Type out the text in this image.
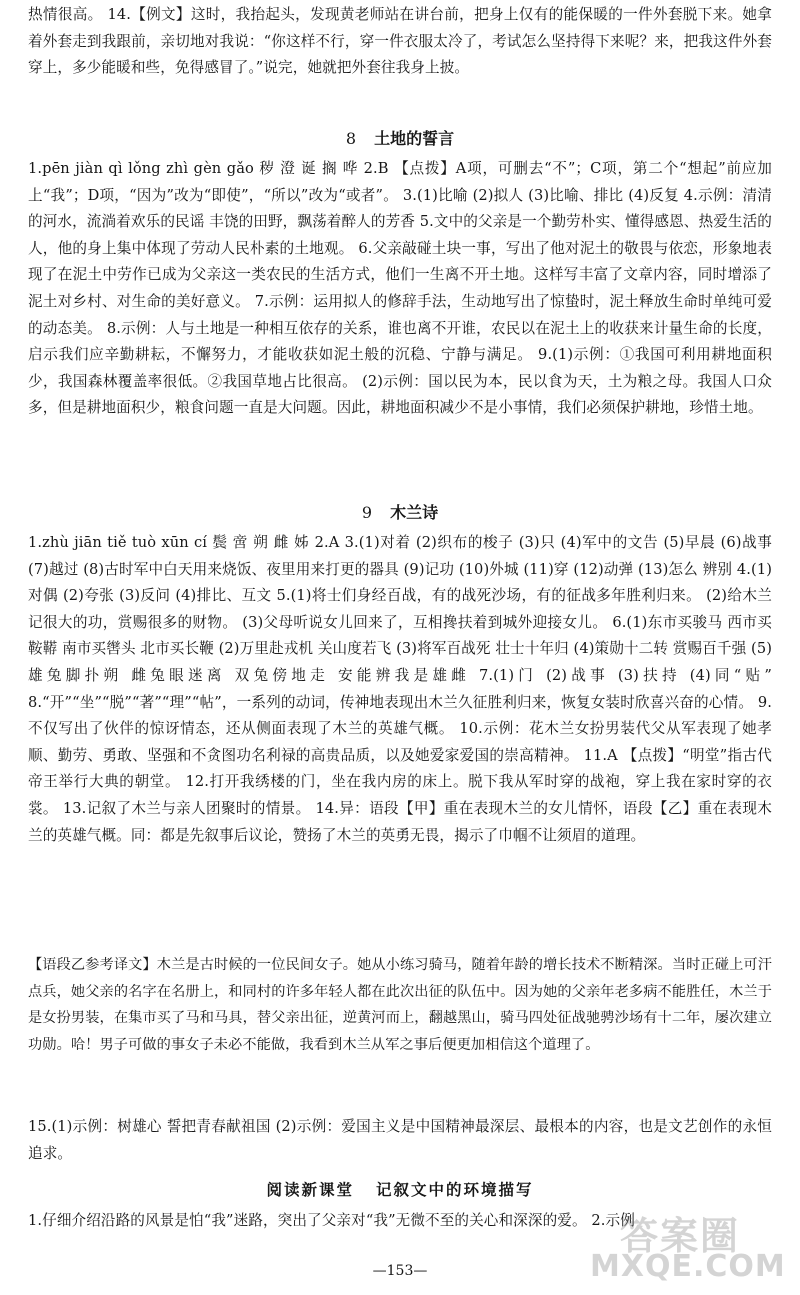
热情很高。 14.【例文】这时，我抬起头，发现黄老师站在讲台前，把身上仅有的能保暖的一件外套脱下来。她拿着外套走到我跟前，亲切地对我说：“你这样不行，穿一件衣服太冷了，考试怎么坚持得下来呢？来，把我这件外套穿上，多少能暖和些，免得感冒了。”说完，她就把外套往我身上披。

8 土地的誓言

1.pēn jiàn qì lǒng zhì gèn gǎo 秽 澄 诞 搁 哗 2.B 【点拨】A项，可删去“不”；C项，第二个“想起”前应加上“我”；D项，“因为”改为“即使”，“所以”改为“或者”。 3.(1)比喻 (2)拟人 (3)比喻、排比 (4)反复 4.示例：清清的河水，流淌着欢乐的民谣 丰饶的田野，飘荡着醉人的芳香 5.文中的父亲是一个勤劳朴实、懂得感恩、热爱生活的人，他的身上集中体现了劳动人民朴素的土地观。 6.父亲敲碰土块一事，写出了他对泥土的敬畏与依恋，形象地表现了在泥土中劳作已成为父亲这一类农民的生活方式，他们一生离不开土地。这样写丰富了文章内容，同时增添了泥土对乡村、对生命的美好意义。 7.示例：运用拟人的修辞手法，生动地写出了惊蛰时，泥土释放生命时单纯可爱的动态美。 8.示例：人与土地是一种相互依存的关系，谁也离不开谁，农民以在泥土上的收获来计量生命的长度，启示我们应辛勤耕耘，不懈努力，才能收获如泥土般的沉稳、宁静与满足。 9.(1)示例：①我国可利用耕地面积少，我国森林覆盖率很低。②我国草地占比很高。 (2)示例：国以民为本，民以食为天，土为粮之母。我国人口众多，但是耕地面积少，粮食问题一直是大问题。因此，耕地面积减少不是小事情，我们必须保护耕地，珍惜土地。

9 木兰诗

1.zhù jiān tiě tuò xūn cí 鬓 啻 朔 雌 姊 2.A 3.(1)对着 (2)织布的梭子 (3)只 (4)军中的文告 (5)早晨 (6)战事 (7)越过 (8)古时军中白天用来烧饭、夜里用来打更的器具 (9)记功 (10)外城 (11)穿 (12)动弹 (13)怎么 辨别 4.(1)对偶 (2)夸张 (3)反问 (4)排比、互文 5.(1)将士们身经百战，有的战死沙场，有的征战多年胜利归来。 (2)给木兰记很大的功，赏赐很多的财物。 (3)父母听说女儿回来了，互相搀扶着到城外迎接女儿。 6.(1)东市买骏马 西市买鞍鞯 南市买辔头 北市买长鞭 (2)万里赴戎机 关山度若飞 (3)将军百战死 壮士十年归 (4)策勋十二转 赏赐百千强 (5)雄兔脚扑朔 雌兔眼迷离 双兔傍地走 安能辨我是雄雌 7.(1)门 (2)战事 (3)扶持 (4)同“贴” 8.“开”“坐”“脱”“著”“理”“帖”，一系列的动词，传神地表现出木兰久征胜利归来，恢复女装时欣喜兴奋的心情。 9.不仅写出了伙伴的惊讶情态，还从侧面表现了木兰的英雄气概。 10.示例：花木兰女扮男装代父从军表现了她孝顺、勤劳、勇敢、坚强和不贪图功名利禄的高贵品质，以及她爱家爱国的崇高精神。 11.A 【点拨】“明堂”指古代帝王举行大典的朝堂。 12.打开我绣楼的门，坐在我内房的床上。脱下我从军时穿的战袍，穿上我在家时穿的衣裳。 13.记叙了木兰与亲人团聚时的情景。 14.异：语段【甲】重在表现木兰的女儿情怀，语段【乙】重在表现木兰的英雄气概。同：都是先叙事后议论，赞扬了木兰的英勇无畏，揭示了巾帼不让须眉的道理。

【语段乙参考译文】木兰是古时候的一位民间女子。她从小练习骑马，随着年龄的增长技术不断精深。当时正碰上可汗点兵，她父亲的名字在名册上，和同村的许多年轻人都在此次出征的队伍中。因为她的父亲年老多病不能胜任，木兰于是女扮男装，在集市买了马和马具，替父亲出征，逆黄河而上，翻越黑山，骑马四处征战驰骋沙场有十二年，屡次建立功勋。哈！男子可做的事女子未必不能做，我看到木兰从军之事后便更加相信这个道理了。

15.(1)示例：树雄心 誓把青春献祖国 (2)示例：爱国主义是中国精神最深层、最根本的内容，也是文艺创作的永恒追求。

阅读新课堂 记叙文中的环境描写

1.仔细介绍沿路的风景是怕“我”迷路，突出了父亲对“我”无微不至的关心和深深的爱。 2.示例

—153—

答案圈
MXQE.COM
